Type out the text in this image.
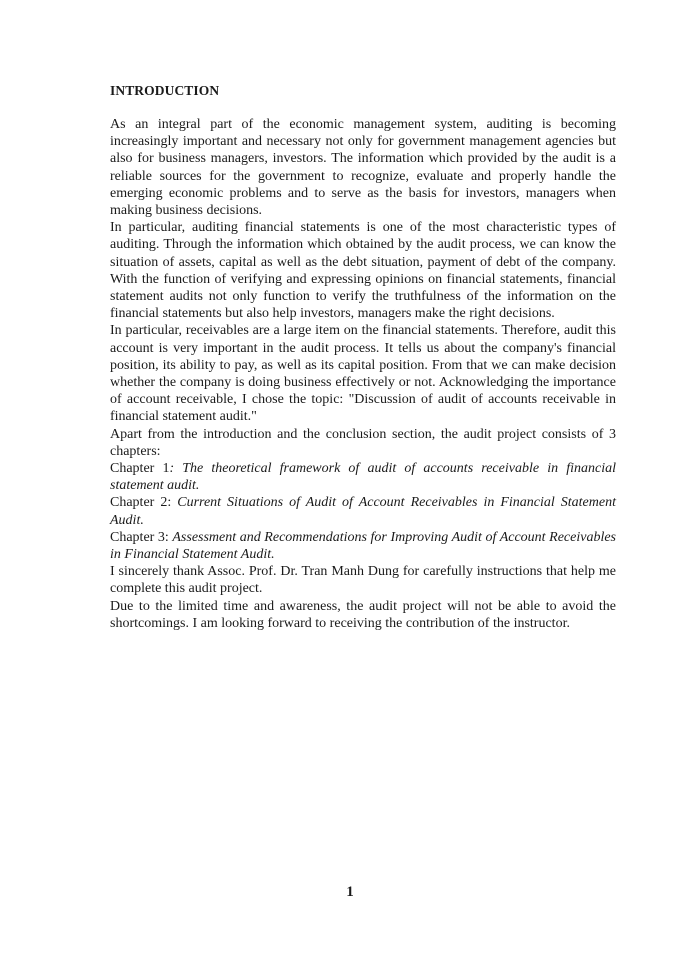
INTRODUCTION

As an integral part of the economic management system, auditing is becoming increasingly important and necessary not only for government management agencies but also for business managers, investors. The information which provided by the audit is a reliable sources for the government to recognize, evaluate and properly handle the emerging economic problems and to serve as the basis for investors, managers when making business decisions.

In particular, auditing financial statements is one of the most characteristic types of auditing. Through the information which obtained by the audit process, we can know the situation of assets, capital as well as the debt situation, payment of debt of the company. With the function of verifying and expressing opinions on financial statements, financial statement audits not only function to verify the truthfulness of the information on the financial statements but also help investors, managers make the right decisions.

In particular, receivables are a large item on the financial statements. Therefore, audit this account is very important in the audit process. It tells us about the company's financial position, its ability to pay, as well as its capital position. From that we can make decision whether the company is doing business effectively or not. Acknowledging the importance of account receivable, I chose the topic: "Discussion of audit of accounts receivable in financial statement audit."

Apart from the introduction and the conclusion section, the audit project consists of 3 chapters:

Chapter 1: The theoretical framework of audit of accounts receivable in financial statement audit.

Chapter 2: Current Situations of Audit of Account Receivables in Financial Statement Audit.

Chapter 3: Assessment and Recommendations for Improving Audit of Account Receivables in Financial Statement Audit.

I sincerely thank Assoc. Prof. Dr. Tran Manh Dung for carefully instructions that help me complete this audit project.

Due to the limited time and awareness, the audit project will not be able to avoid the shortcomings. I am looking forward to receiving the contribution of the instructor.

1
